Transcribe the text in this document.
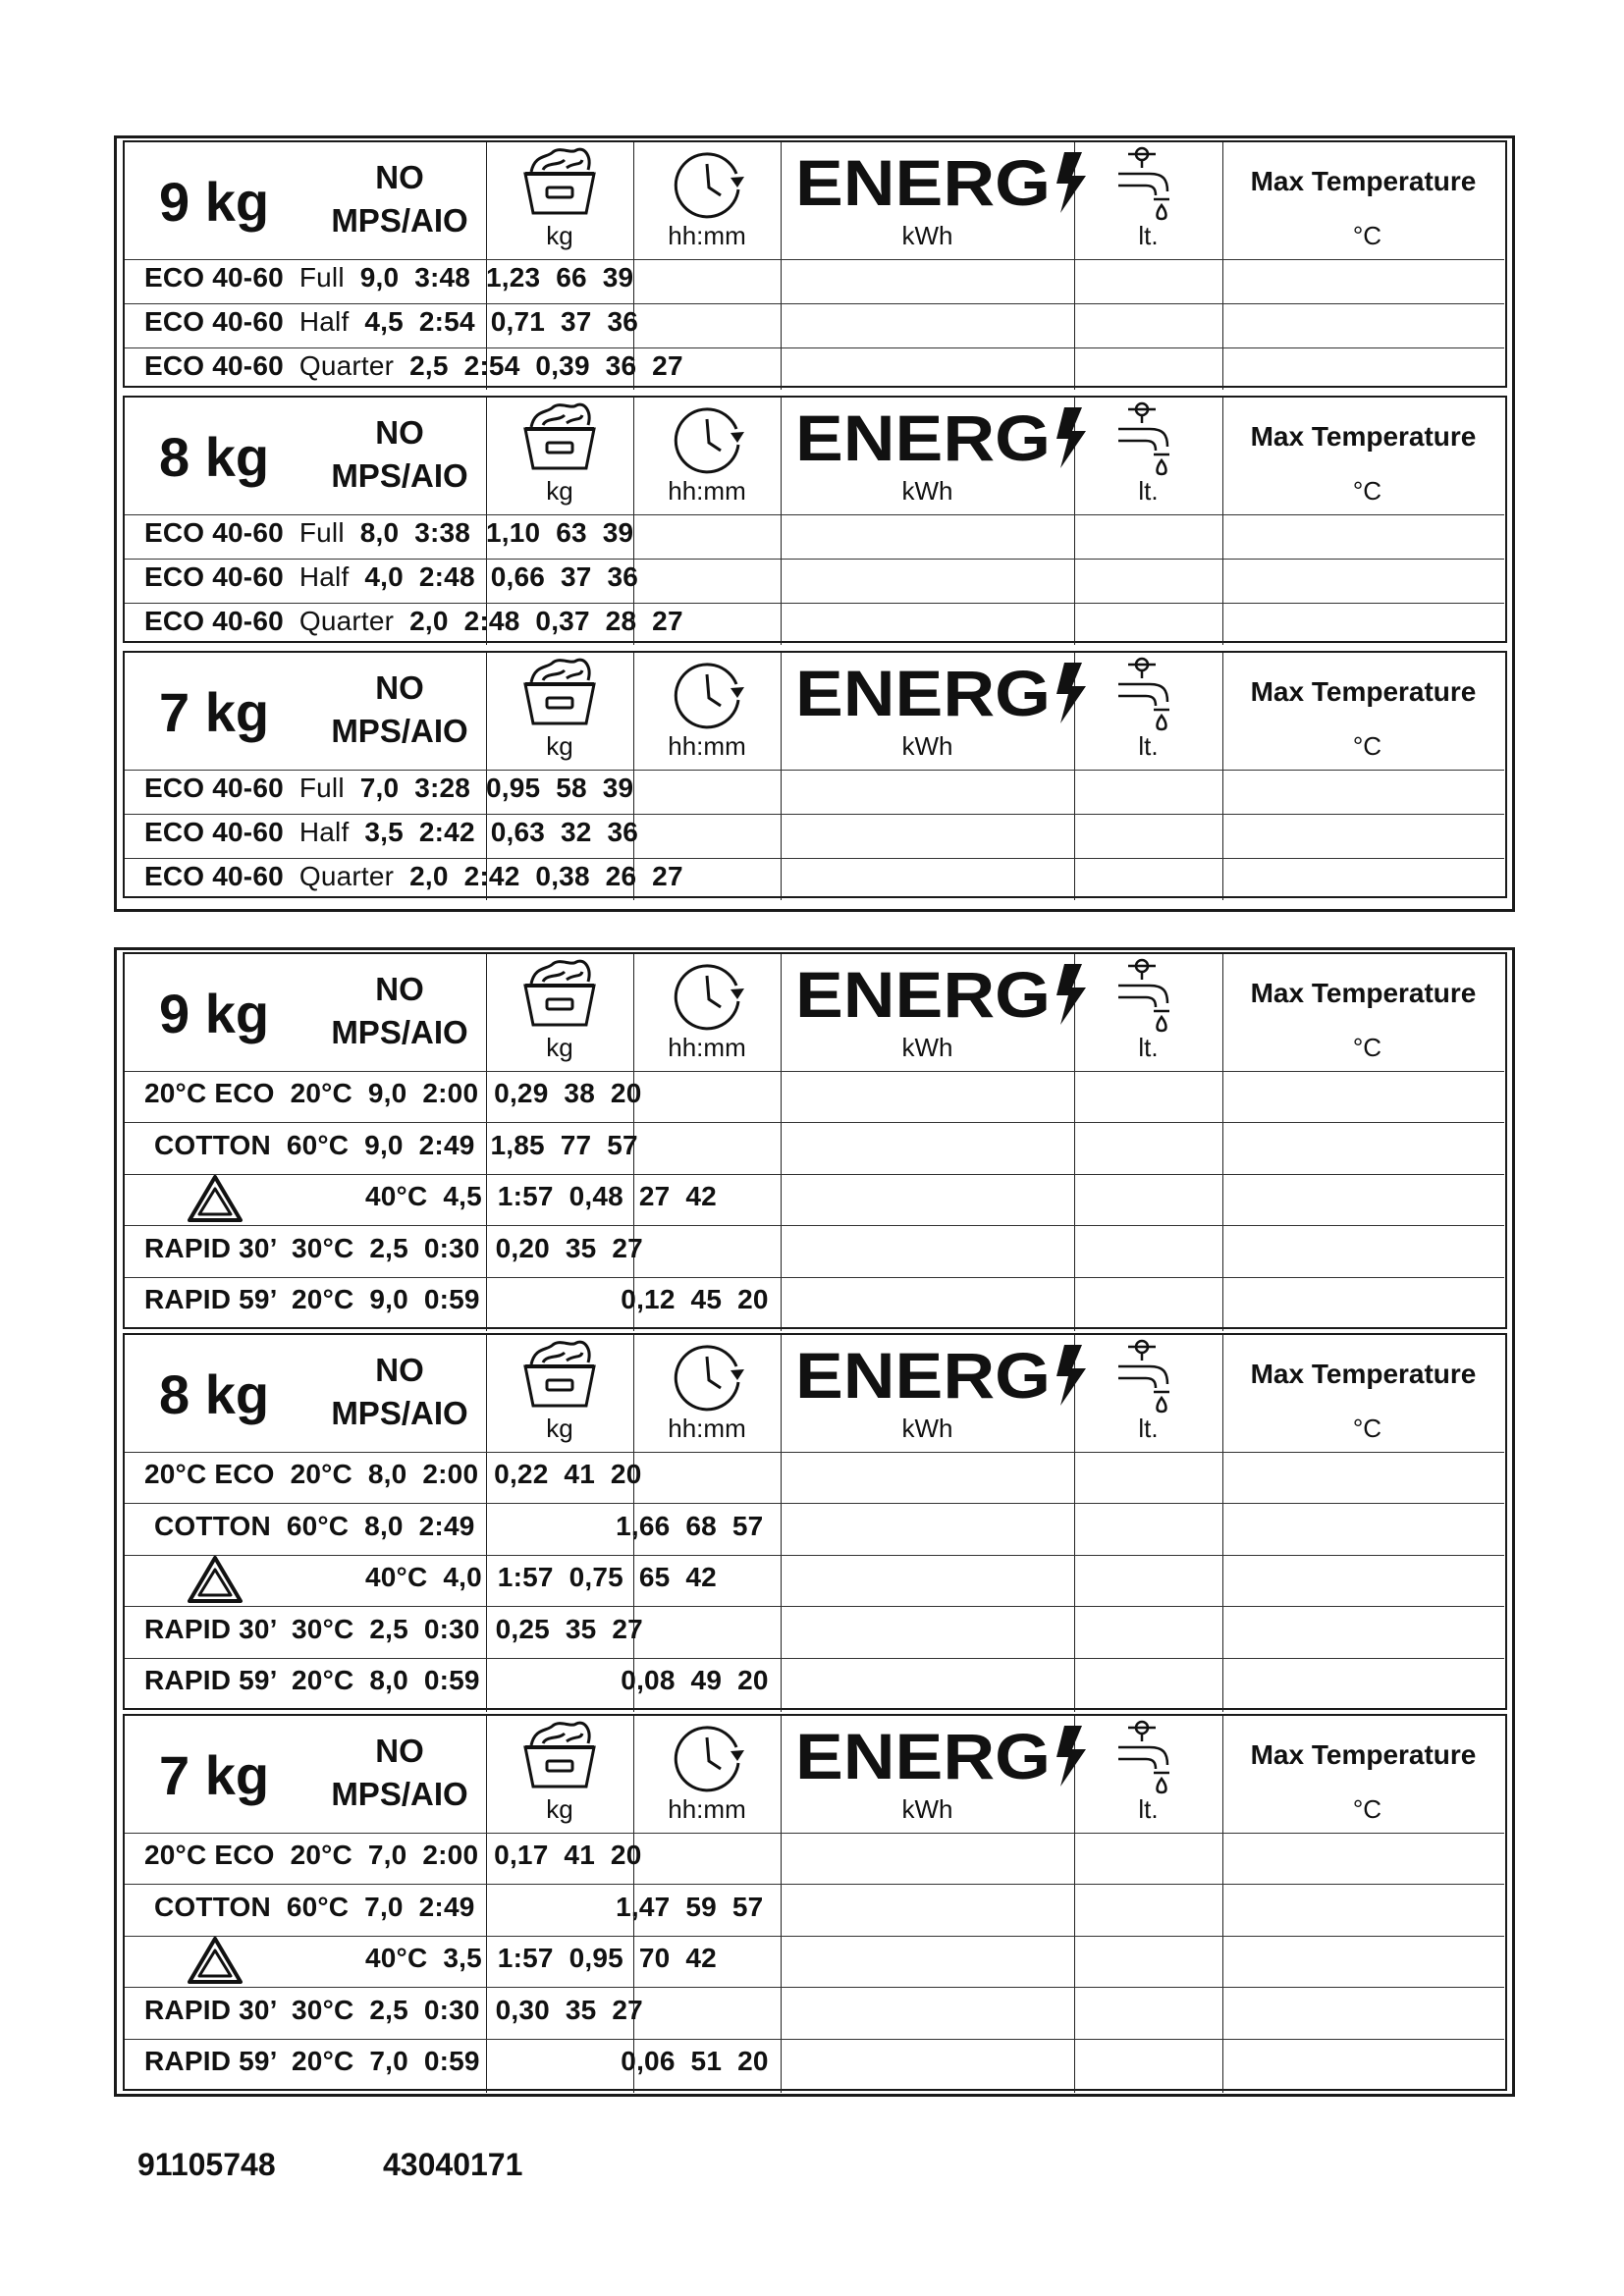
9 kg	NO
MPS/AIO
ENERG
kg	hh:mm	kWh	lt.	°C
Max Temperature
ECO 40-60 Full 9,0  3:48  1,23  66  39
ECO 40-60 Half 4,5  2:54  0,71  37  36
ECO 40-60 Quarter 2,5  2:54  0,39  36  27
8 kg	NO
MPS/AIO
ENERG
kg	hh:mm	kWh	lt.	°C
Max Temperature
ECO 40-60 Full 8,0  3:38  1,10  63  39
ECO 40-60 Half 4,0  2:48  0,66  37  36
ECO 40-60 Quarter 2,0  2:48  0,37  28  27
7 kg	NO
MPS/AIO
ENERG
kg	hh:mm	kWh	lt.	°C
Max Temperature
ECO 40-60 Full 7,0  3:28  0,95  58  39
ECO 40-60 Half 3,5  2:42  0,63  32  36
ECO 40-60 Quarter 2,0  2:42  0,38  26  27
9 kg	NO
MPS/AIO
ENERG
kg	hh:mm	kWh	lt.	°C
Max Temperature
20°C ECO  20°C  9,0  2:00  0,29  38  20
COTTON  60°C  9,0  2:49  1,85  77  57
40°C  4,5  1:57  0,48  27  42
RAPID 30’  30°C  2,5  0:30  0,20  35  27
RAPID 59’  20°C  9,0  0:59                  0,12  45  20
8 kg	NO
MPS/AIO
ENERG
kg	hh:mm	kWh	lt.	°C
Max Temperature
20°C ECO  20°C  8,0  2:00  0,22  41  20
COTTON  60°C  8,0  2:49                  1,66  68  57
40°C  4,0  1:57  0,75  65  42
RAPID 30’  30°C  2,5  0:30  0,25  35  27
RAPID 59’  20°C  8,0  0:59                  0,08  49  20
7 kg	NO
MPS/AIO
ENERG
kg	hh:mm	kWh	lt.	°C
Max Temperature
20°C ECO  20°C  7,0  2:00  0,17  41  20
COTTON  60°C  7,0  2:49                  1,47  59  57
40°C  3,5  1:57  0,95  70  42
RAPID 30’  30°C  2,5  0:30  0,30  35  27
RAPID 59’  20°C  7,0  0:59                  0,06  51  20
91105748	43040171
